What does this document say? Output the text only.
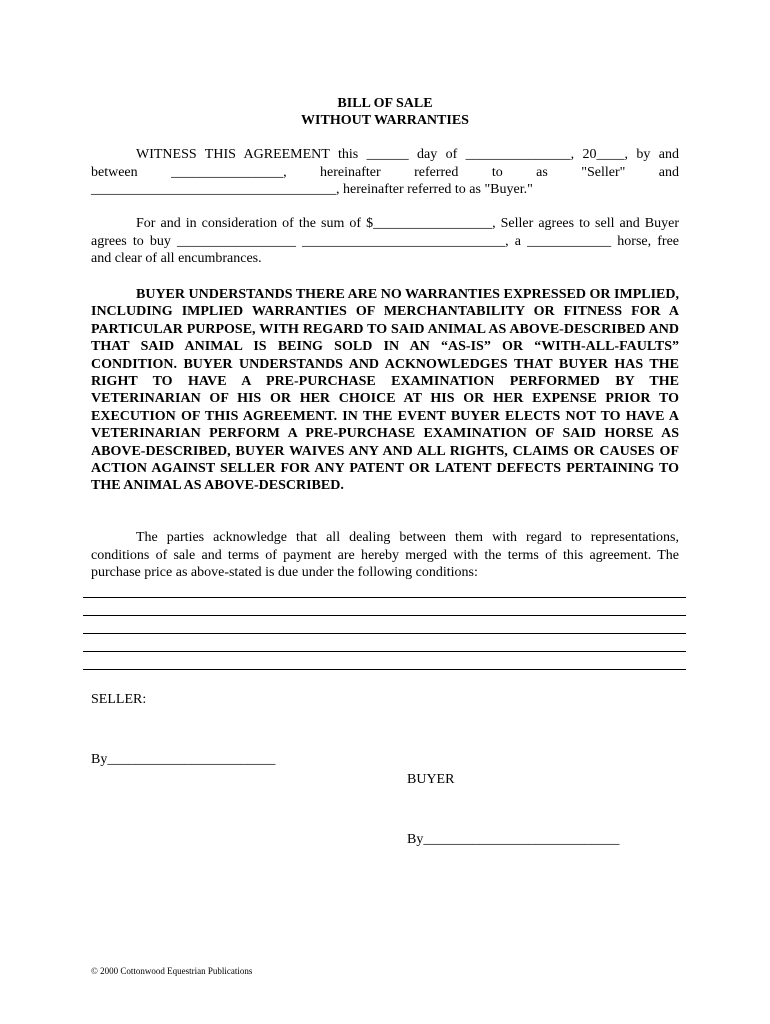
BILL OF SALE
WITHOUT WARRANTIES

WITNESS THIS AGREEMENT this ______ day of _______________, 20____, by and between ________________, hereinafter referred to as "Seller" and ___________________________________, hereinafter referred to as "Buyer."

For and in consideration of the sum of $_________________, Seller agrees to sell and Buyer agrees to buy _________________ _____________________________, a ____________ horse, free and clear of all encumbrances.

BUYER UNDERSTANDS THERE ARE NO WARRANTIES EXPRESSED OR IMPLIED, INCLUDING IMPLIED WARRANTIES OF MERCHANTABILITY OR FITNESS FOR A PARTICULAR PURPOSE, WITH REGARD TO SAID ANIMAL AS ABOVE-DESCRIBED AND THAT SAID ANIMAL IS BEING SOLD IN AN “AS-IS” OR “WITH-ALL-FAULTS” CONDITION. BUYER UNDERSTANDS AND ACKNOWLEDGES THAT BUYER HAS THE RIGHT TO HAVE A PRE-PURCHASE EXAMINATION PERFORMED BY THE VETERINARIAN OF HIS OR HER CHOICE AT HIS OR HER EXPENSE PRIOR TO EXECUTION OF THIS AGREEMENT. IN THE EVENT BUYER ELECTS NOT TO HAVE A VETERINARIAN PERFORM A PRE-PURCHASE EXAMINATION OF SAID HORSE AS ABOVE-DESCRIBED, BUYER WAIVES ANY AND ALL RIGHTS, CLAIMS OR CAUSES OF ACTION AGAINST SELLER FOR ANY PATENT OR LATENT DEFECTS PERTAINING TO THE ANIMAL AS ABOVE-DESCRIBED.

The parties acknowledge that all dealing between them with regard to representations, conditions of sale and terms of payment are hereby merged with the terms of this agreement. The purchase price as above-stated is due under the following conditions:

SELLER:
By________________________
BUYER
By____________________________
© 2000 Cottonwood Equestrian Publications
